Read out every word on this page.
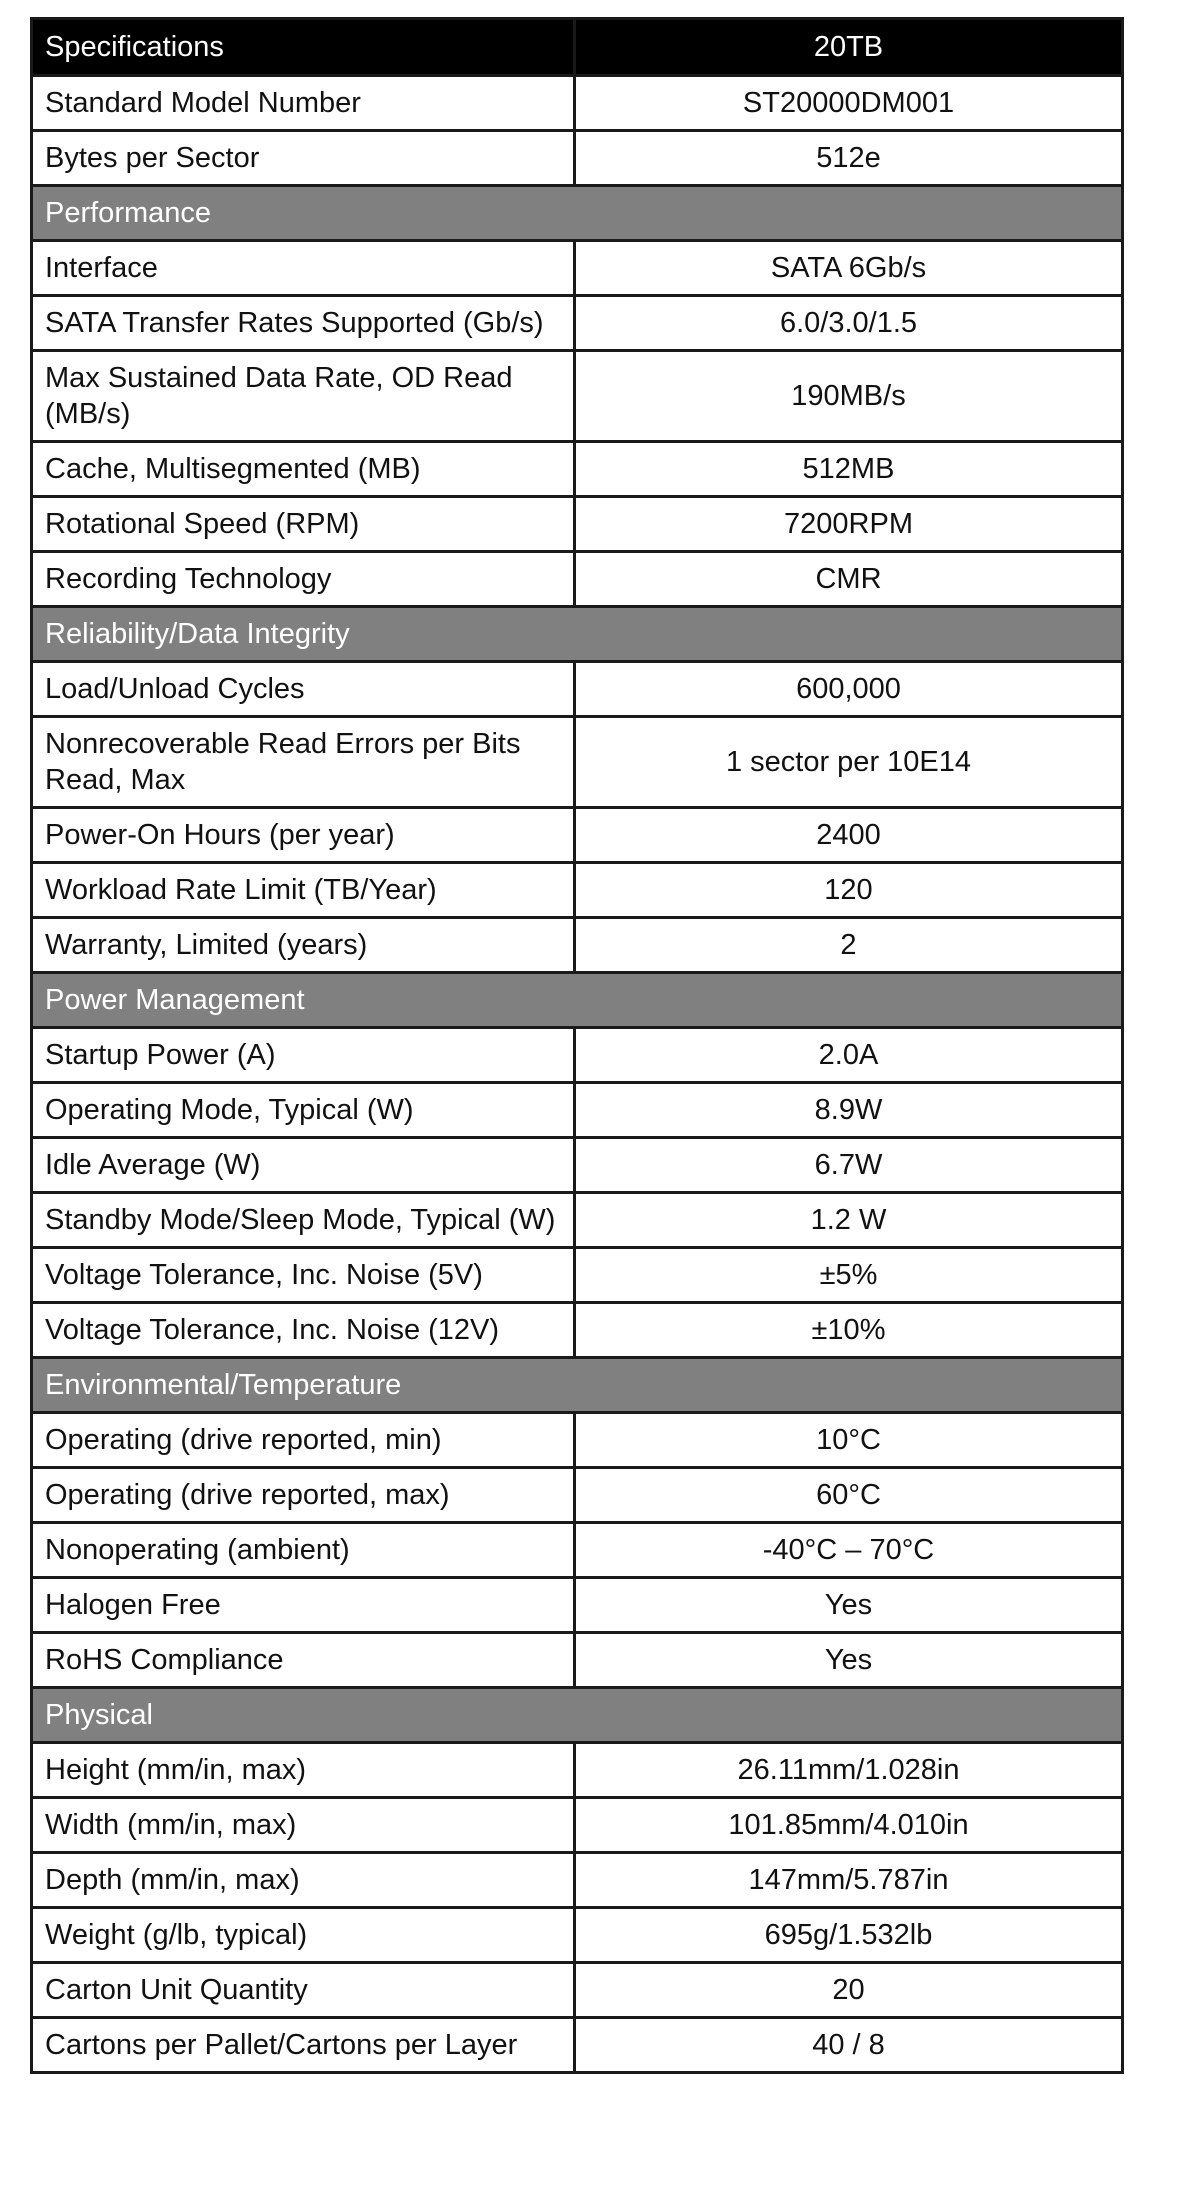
Specifications	20TB
Standard Model Number	ST20000DM001
Bytes per Sector	512e
Performance	
Interface	SATA 6Gb/s
SATA Transfer Rates Supported (Gb/s)	6.0/3.0/1.5
Max Sustained Data Rate, OD Read (MB/s)	190MB/s
Cache, Multisegmented (MB)	512MB
Rotational Speed (RPM)	7200RPM
Recording Technology	CMR
Reliability/Data Integrity	
Load/Unload Cycles	600,000
Nonrecoverable Read Errors per Bits Read, Max	1 sector per 10E14
Power-On Hours (per year)	2400
Workload Rate Limit (TB/Year)	120
Warranty, Limited (years)	2
Power Management	
Startup Power (A)	2.0A
Operating Mode, Typical (W)	8.9W
Idle Average (W)	6.7W
Standby Mode/Sleep Mode, Typical (W)	1.2 W
Voltage Tolerance, Inc. Noise (5V)	±5%
Voltage Tolerance, Inc. Noise (12V)	±10%
Environmental/Temperature	
Operating (drive reported, min)	10°C
Operating (drive reported, max)	60°C
Nonoperating (ambient)	-40°C – 70°C
Halogen Free	Yes
RoHS Compliance	Yes
Physical	
Height (mm/in, max)	26.11mm/1.028in
Width (mm/in, max)	101.85mm/4.010in
Depth (mm/in, max)	147mm/5.787in
Weight (g/lb, typical)	695g/1.532lb
Carton Unit Quantity	20
Cartons per Pallet/Cartons per Layer	40 / 8
